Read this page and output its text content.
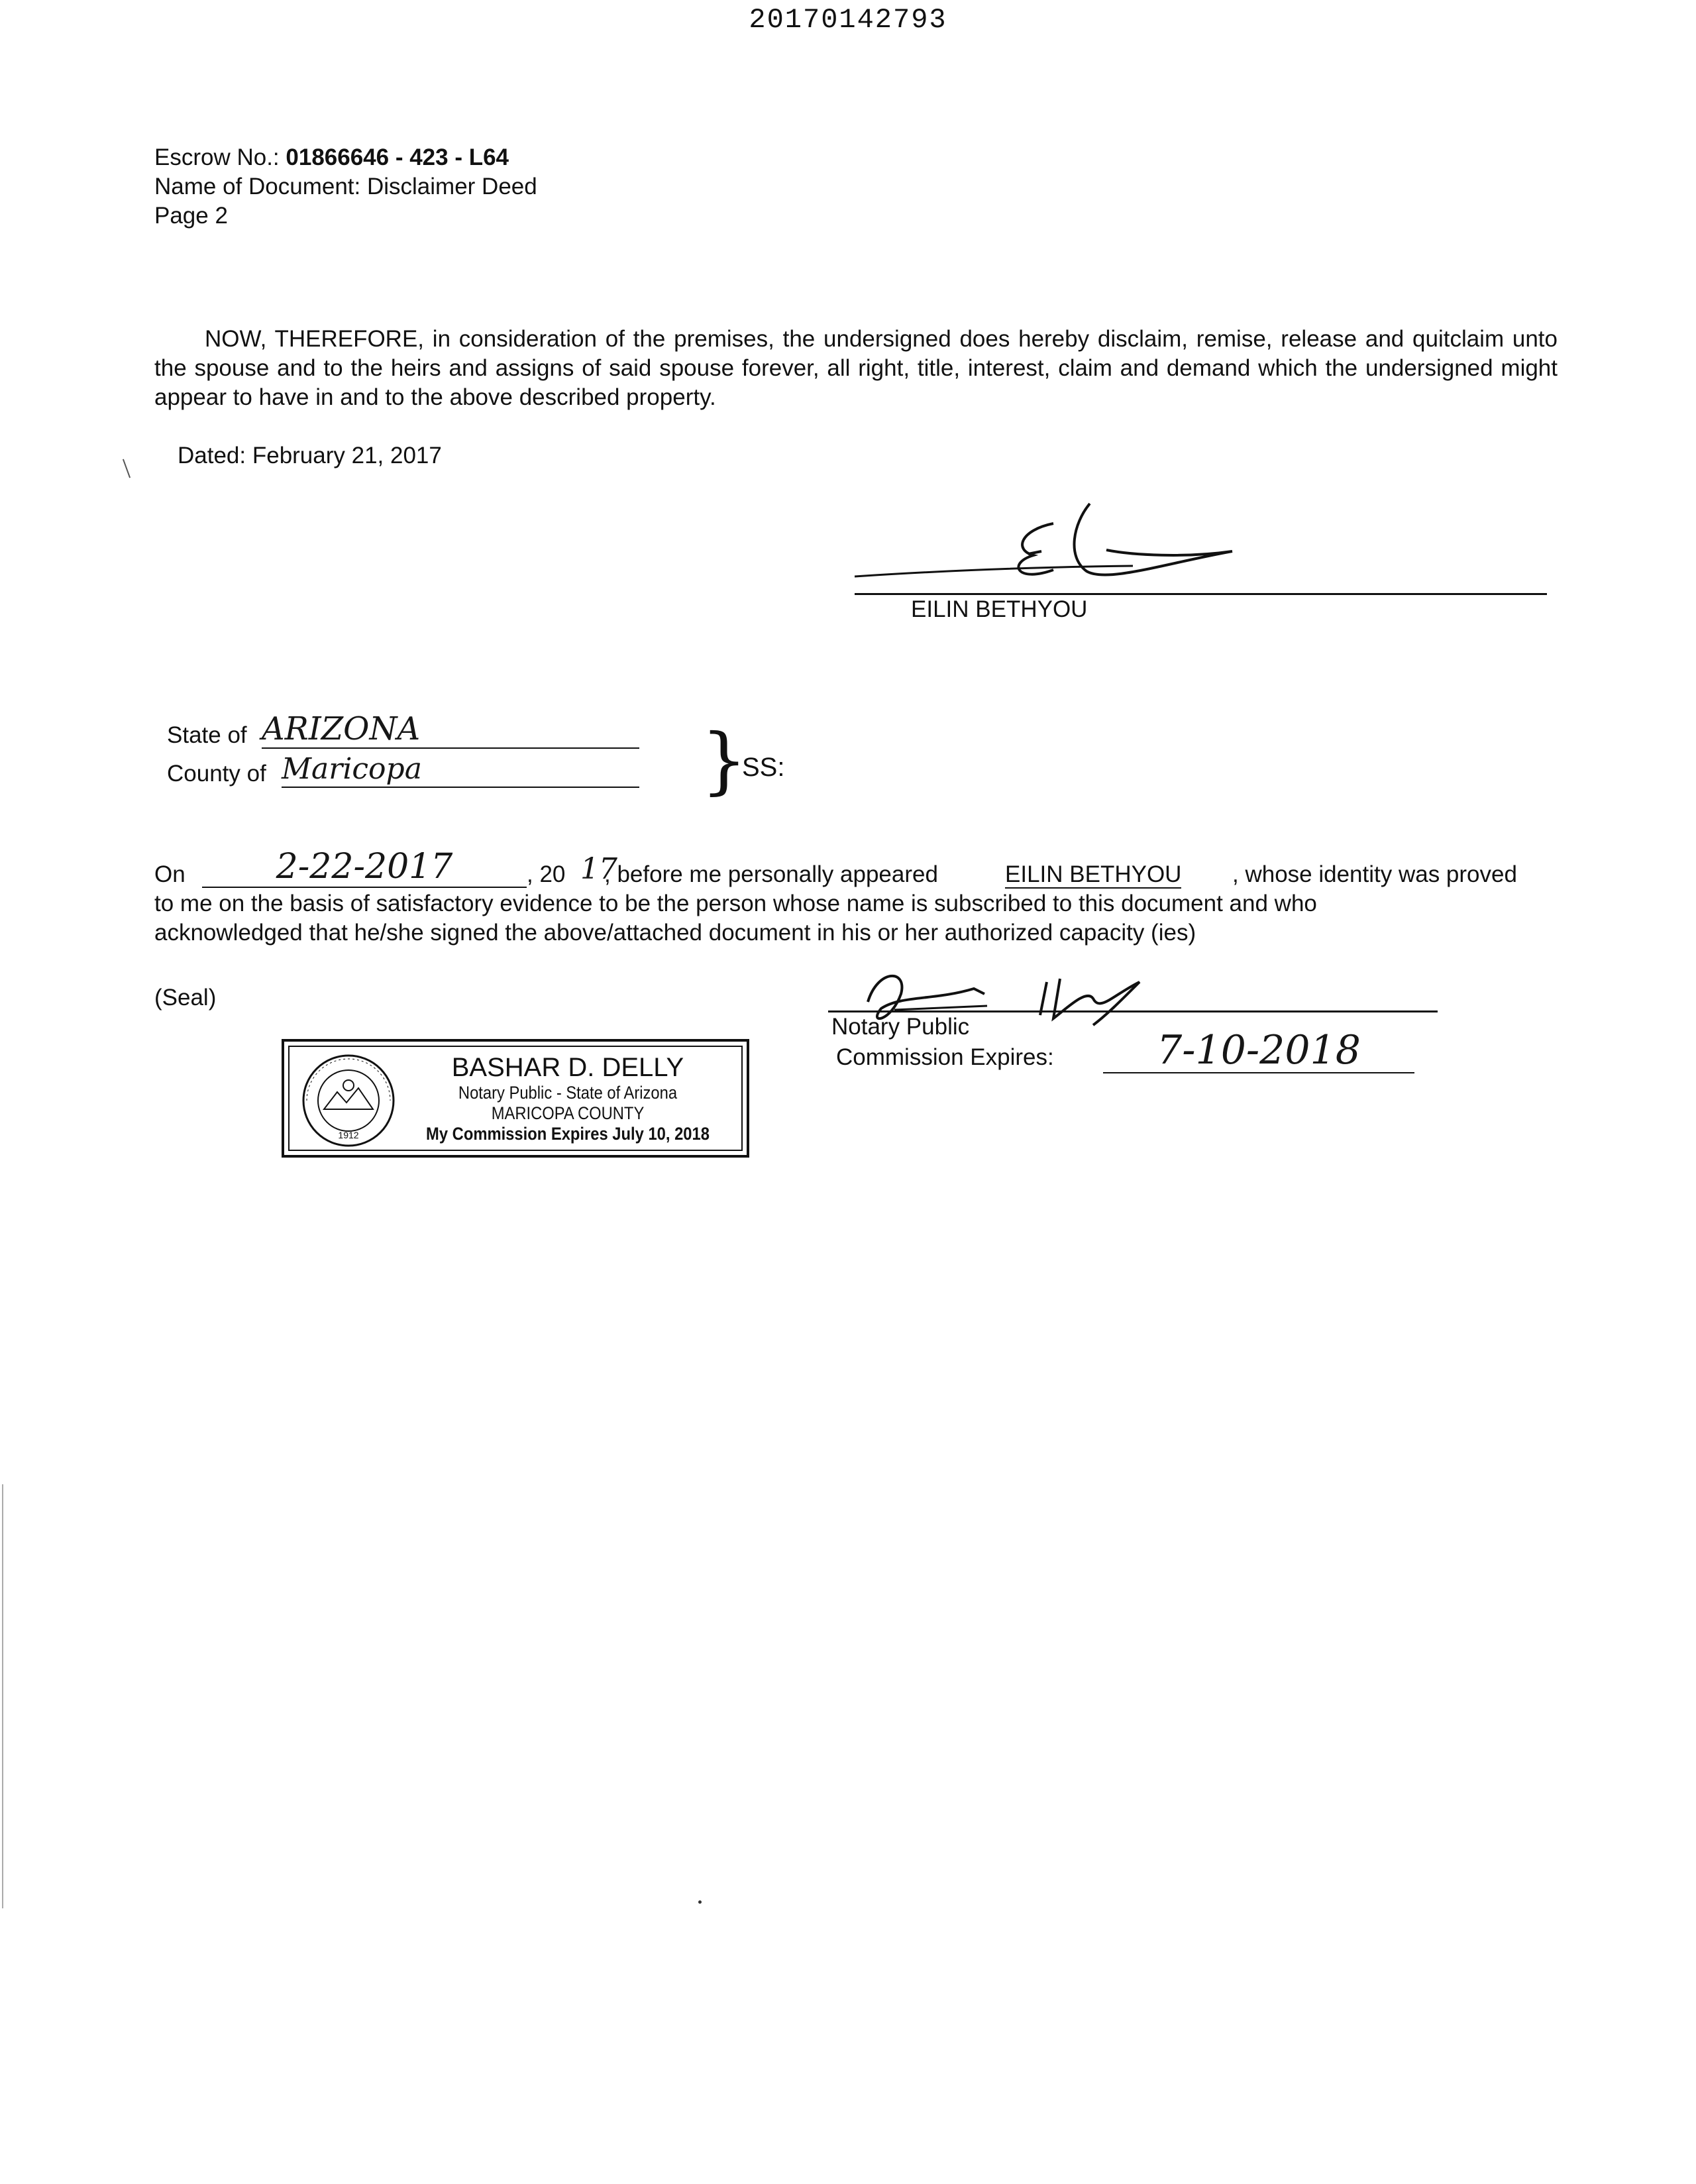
20170142793
Escrow No.: 01866646 - 423 - L64
Name of Document: Disclaimer Deed
Page 2
NOW, THEREFORE, in consideration of the premises, the undersigned does hereby disclaim, remise, release and quitclaim unto the spouse and to the heirs and assigns of said spouse forever, all right, title, interest, claim and demand which the undersigned might appear to have in and to the above described property.
Dated: February 21, 2017
EILIN BETHYOU
State of ARIZONA
County of Maricopa	}
SS:
On	2-22-2017	, 20 17
, before me personally appeared	EILIN BETHYOU	, whose identity was proved
to me on the basis of satisfactory evidence to be the person whose name is subscribed to this document and who
acknowledged that he/she signed the above/attached document in his or her authorized capacity (ies)
(Seal)
1912
BASHAR D. DELLY
Notary Public - State of Arizona
MARICOPA COUNTY
My Commission Expires July 10, 2018
Notary Public
Commission Expires:	7-10-2018
